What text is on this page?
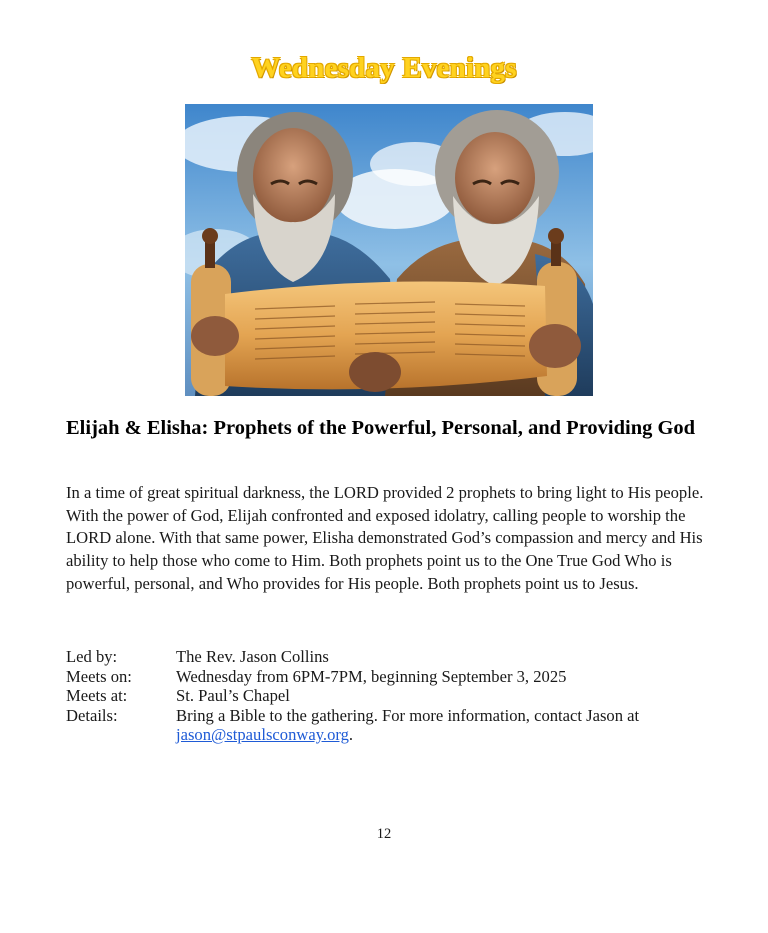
Wednesday Evenings
Elijah & Elisha: Prophets of the Powerful, Personal, and Providing God

In a time of great spiritual darkness, the LORD provided 2 prophets to bring light to His people. With the power of God, Elijah confronted and exposed idolatry, calling people to worship the LORD alone. With that same power, Elisha demonstrated God’s compassion and mercy and His ability to help those who come to Him. Both prophets point us to the One True God Who is powerful, personal, and Who provides for His people. Both prophets point us to Jesus.

Led by:	The Rev. Jason Collins
Meets on:	Wednesday from 6PM-7PM, beginning September 3, 2025
Meets at:	St. Paul’s Chapel
Details:	Bring a Bible to the gathering. For more information, contact Jason at jason@stpaulsconway.org.
12
